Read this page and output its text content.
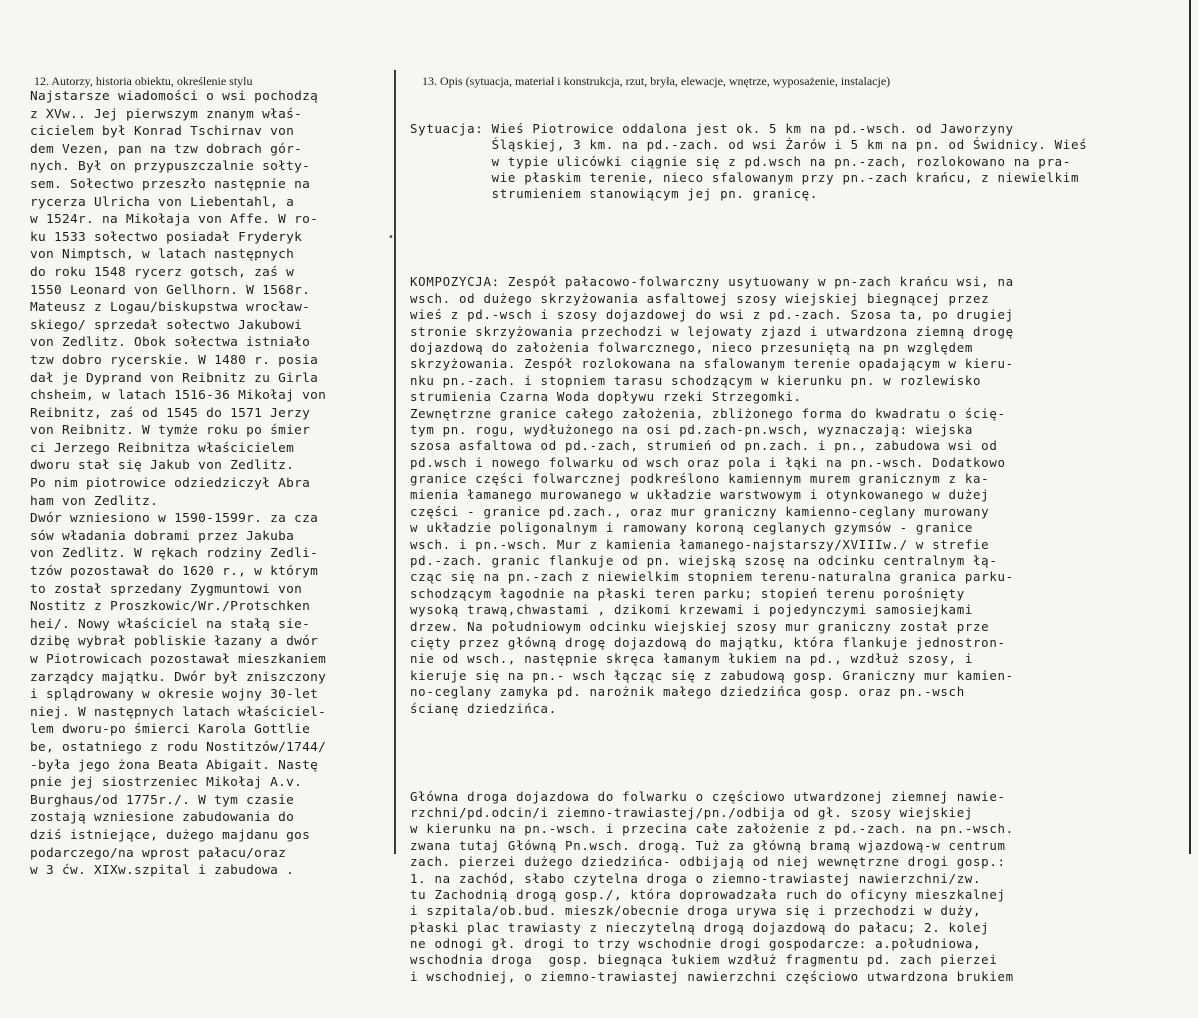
12. Autorzy, historia obiektu, określenie stylu	13. Opis (sytuacja, materiał i konstrukcja, rzut, bryła, elewacje, wnętrze, wyposażenie, instalacje)
Najstarsze wiadomości o wsi pochodzą
z XVw.. Jej pierwszym znanym właś-
cicielem był Konrad Tschirnav von
dem Vezen, pan na tzw dobrach gór-
nych. Był on przypuszczalnie sołty-
sem. Sołectwo przeszło następnie na
rycerza Ulricha von Liebentahl, a
w 1524r. na Mikołaja von Affe. W ro-
ku 1533 sołectwo posiadał Fryderyk
von Nimptsch, w latach następnych
do roku 1548 rycerz gotsch, zaś w
1550 Leonard von Gellhorn. W 1568r.
Mateusz z Logau/biskupstwa wrocław-
skiego/ sprzedał sołectwo Jakubowi
von Zedlitz. Obok sołectwa istniało
tzw dobro rycerskie. W 1480 r. posia
dał je Dyprand von Reibnitz zu Girla
chsheim, w latach 1516-36 Mikołaj von
Reibnitz, zaś od 1545 do 1571 Jerzy
von Reibnitz. W tymże roku po śmier
ci Jerzego Reibnitza właścicielem
dworu stał się Jakub von Zedlitz.
Po nim piotrowice odziedziczył Abra
ham von Zedlitz.
Dwór wzniesiono w 1590-1599r. za cza
sów władania dobrami przez Jakuba
von Zedlitz. W rękach rodziny Zedli-
tzów pozostawał do 1620 r., w którym
to został sprzedany Zygmuntowi von
Nostitz z Proszkowic/Wr./Protschken
hei/. Nowy właściciel na stałą sie-
dzibę wybrał pobliskie łazany a dwór
w Piotrowicach pozostawał mieszkaniem
zarządcy majątku. Dwór był zniszczony
i splądrowany w okresie wojny 30-let
niej. W następnych latach właściciel-
lem dworu-po śmierci Karola Gottlie
be, ostatniego z rodu Nostitzów/1744/
-była jego żona Beata Abigait. Nastę
pnie jej siostrzeniec Mikołaj A.v.
Burghaus/od 1775r./. W tym czasie
zostają wzniesione zabudowania do
dziś istniejące, dużego majdanu gos
podarczego/na wprost pałacu/oraz
w 3 ćw. XIXw.szpital i zabudowa .

Sytuacja: Wieś Piotrowice oddalona jest ok. 5 km na pd.-wsch. od Jaworzyny
Śląskiej, 3 km. na pd.-zach. od wsi Żarów i 5 km na pn. od Świdnicy. Wieś
w typie ulicówki ciągnie się z pd.wsch na pn.-zach, rozlokowano na pra-
wie płaskim terenie, nieco sfalowanym przy pn.-zach krańcu, z niewielkim
strumieniem stanowiącym jej pn. granicę.

KOMPOZYCJA: Zespół pałacowo-folwarczny usytuowany w pn-zach krańcu wsi, na
wsch. od dużego skrzyżowania asfaltowej szosy wiejskiej biegnącej przez
wieś z pd.-wsch i szosy dojazdowej do wsi z pd.-zach. Szosa ta, po drugiej
stronie skrzyżowania przechodzi w lejowaty zjazd i utwardzona ziemną drogę
dojazdową do założenia folwarcznego, nieco przesuniętą na pn względem
skrzyżowania. Zespół rozlokowana na sfalowanym terenie opadającym w kieru-
nku pn.-zach. i stopniem tarasu schodzącym w kierunku pn. w rozlewisko
strumienia Czarna Woda dopływu rzeki Strzegomki.
Zewnętrzne granice całego założenia, zbliżonego forma do kwadratu o ścię-
tym pn. rogu, wydłużonego na osi pd.zach-pn.wsch, wyznaczają: wiejska
szosa asfaltowa od pd.-zach, strumień od pn.zach. i pn., zabudowa wsi od
pd.wsch i nowego folwarku od wsch oraz pola i łąki na pn.-wsch. Dodatkowo
granice części folwarcznej podkreślono kamiennym murem granicznym z ka-
mienia łamanego murowanego w układzie warstwowym i otynkowanego w dużej
części - granice pd.zach., oraz mur graniczny kamienno-ceglany murowany
w układzie poligonalnym i ramowany koroną ceglanych gzymsów - granice
wsch. i pn.-wsch. Mur z kamienia łamanego-najstarszy/XVIIIw./ w strefie
pd.-zach. granic flankuje od pn. wiejską szosę na odcinku centralnym łą-
cząc się na pn.-zach z niewielkim stopniem terenu-naturalna granica parku-
schodzącym łagodnie na płaski teren parku; stopień terenu porośnięty
wysoką trawą,chwastami , dzikomi krzewami i pojedynczymi samosiejkami
drzew. Na południowym odcinku wiejskiej szosy mur graniczny został prze
cięty przez główną drogę dojazdową do majątku, która flankuje jednostron-
nie od wsch., następnie skręca łamanym łukiem na pd., wzdłuż szosy, i
kieruje się na pn.- wsch łącząc się z zabudową gosp. Graniczny mur kamien-
no-ceglany zamyka pd. narożnik małego dziedzińca gosp. oraz pn.-wsch
ścianę dziedzińca.

Główna droga dojazdowa do folwarku o częściowo utwardzonej ziemnej nawie-
rzchni/pd.odcin/i ziemno-trawiastej/pn./odbija od gł. szosy wiejskiej
w kierunku na pn.-wsch. i przecina całe założenie z pd.-zach. na pn.-wsch.
zwana tutaj Główną Pn.wsch. drogą. Tuż za główną bramą wjazdową-w centrum
zach. pierzei dużego dziedzińca- odbijają od niej wewnętrzne drogi gosp.:
1. na zachód, słabo czytelna droga o ziemno-trawiastej nawierzchni/zw.
tu Zachodnią drogą gosp./, która doprowadzała ruch do oficyny mieszkalnej
i szpitala/ob.bud. mieszk/obecnie droga urywa się i przechodzi w duży,
płaski plac trawiasty z nieczytelną drogą dojazdową do pałacu; 2. kolej
ne odnogi gł. drogi to trzy wschodnie drogi gospodarcze: a.południowa,
wschodnia droga  gosp. biegnąca łukiem wzdłuż fragmentu pd. zach pierzei
i wschodniej, o ziemno-trawiastej nawierzchni częściowo utwardzona brukiem

•
